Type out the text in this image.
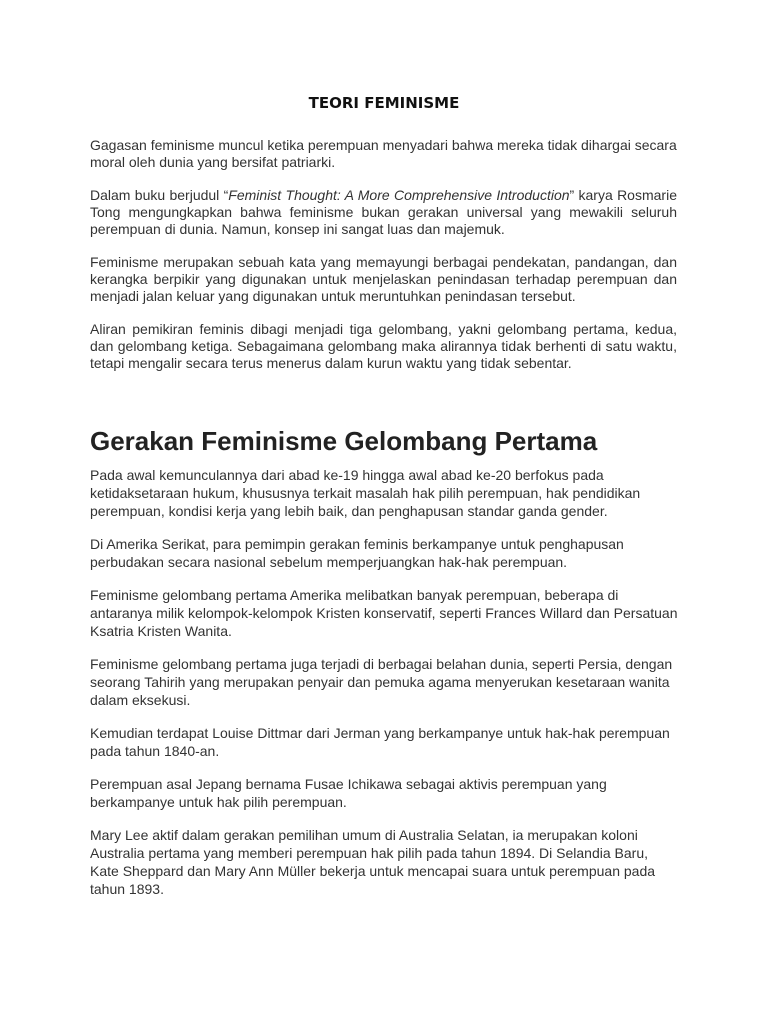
TEORI FEMINISME

Gagasan feminisme muncul ketika perempuan menyadari bahwa mereka tidak dihargai secara moral oleh dunia yang bersifat patriarki.

Dalam buku berjudul “Feminist Thought: A More Comprehensive Introduction” karya Rosmarie Tong mengungkapkan bahwa feminisme bukan gerakan universal yang mewakili seluruh perempuan di dunia. Namun, konsep ini sangat luas dan majemuk.

Feminisme merupakan sebuah kata yang memayungi berbagai pendekatan, pandangan, dan kerangka berpikir yang digunakan untuk menjelaskan penindasan terhadap perempuan dan menjadi jalan keluar yang digunakan untuk meruntuhkan penindasan tersebut.

Aliran pemikiran feminis dibagi menjadi tiga gelombang, yakni gelombang pertama, kedua, dan gelombang ketiga. Sebagaimana gelombang maka alirannya tidak berhenti di satu waktu, tetapi mengalir secara terus menerus dalam kurun waktu yang tidak sebentar.

Gerakan Feminisme Gelombang Pertama

Pada awal kemunculannya dari abad ke-19 hingga awal abad ke-20 berfokus pada ketidaksetaraan hukum, khususnya terkait masalah hak pilih perempuan, hak pendidikan perempuan, kondisi kerja yang lebih baik, dan penghapusan standar ganda gender.

Di Amerika Serikat, para pemimpin gerakan feminis berkampanye untuk penghapusan perbudakan secara nasional sebelum memperjuangkan hak-hak perempuan.

Feminisme gelombang pertama Amerika melibatkan banyak perempuan, beberapa di antaranya milik kelompok-kelompok Kristen konservatif, seperti Frances Willard dan Persatuan Ksatria Kristen Wanita.

Feminisme gelombang pertama juga terjadi di berbagai belahan dunia, seperti Persia, dengan seorang Tahirih yang merupakan penyair dan pemuka agama menyerukan kesetaraan wanita dalam eksekusi.

Kemudian terdapat Louise Dittmar dari Jerman yang berkampanye untuk hak-hak perempuan pada tahun 1840-an.

Perempuan asal Jepang bernama Fusae Ichikawa sebagai aktivis perempuan yang berkampanye untuk hak pilih perempuan.

Mary Lee aktif dalam gerakan pemilihan umum di Australia Selatan, ia merupakan koloni Australia pertama yang memberi perempuan hak pilih pada tahun 1894. Di Selandia Baru, Kate Sheppard dan Mary Ann Müller bekerja untuk mencapai suara untuk perempuan pada tahun 1893.
